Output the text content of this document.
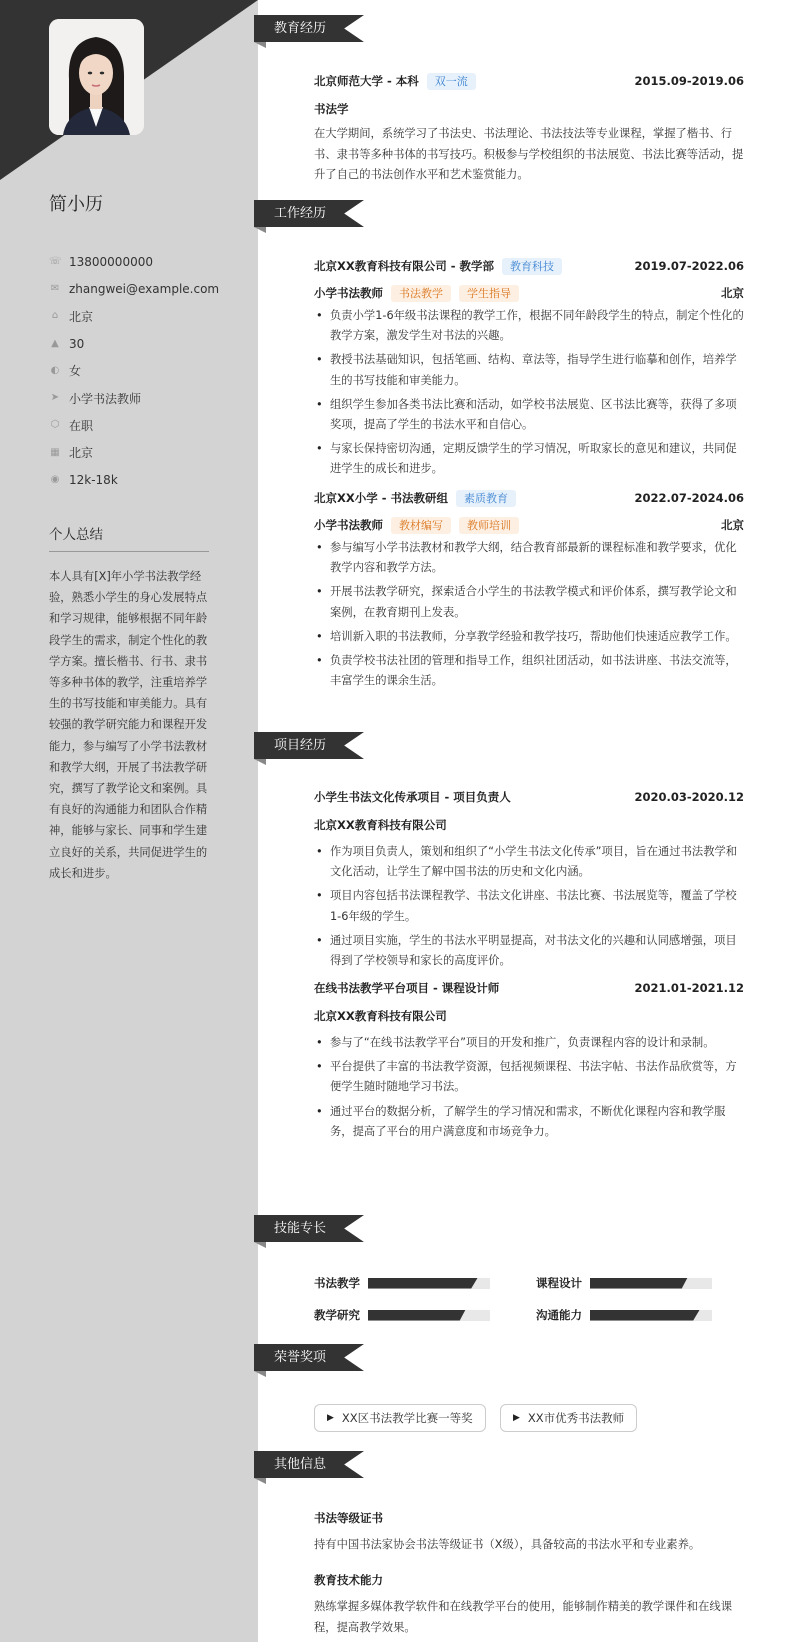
简小历
☏ 13800000000
✉ zhangwei@example.com
⌂ 北京
▲ 30
◐ 女
➤ 小学书法教师
⬡ 在职
▦ 北京
◉ 12k-18k
个人总结
本人具有[X]年小学书法教学经验，熟悉小学生的身心发展特点和学习规律，能够根据不同年龄段学生的需求，制定个性化的教学方案。擅长楷书、行书、隶书等多种书体的教学，注重培养学生的书写技能和审美能力。具有较强的教学研究能力和课程开发能力，参与编写了小学书法教材和教学大纲，开展了书法教学研究，撰写了教学论文和案例。具有良好的沟通能力和团队合作精神，能够与家长、同事和学生建立良好的关系，共同促进学生的成长和进步。
教育经历
北京师范大学 - 本科	双一流	2015.09-2019.06
书法学
在大学期间，系统学习了书法史、书法理论、书法技法等专业课程，掌握了楷书、行书、隶书等多种书体的书写技巧。积极参与学校组织的书法展览、书法比赛等活动，提升了自己的书法创作水平和艺术鉴赏能力。
工作经历
北京XX教育科技有限公司 - 教学部	教育科技	2019.07-2022.06
小学书法教师	书法教学	学生指导	北京
• 负责小学1-6年级书法课程的教学工作，根据不同年龄段学生的特点，制定个性化的教学方案，激发学生对书法的兴趣。
• 教授书法基础知识，包括笔画、结构、章法等，指导学生进行临摹和创作，培养学生的书写技能和审美能力。
• 组织学生参加各类书法比赛和活动，如学校书法展览、区书法比赛等，获得了多项奖项，提高了学生的书法水平和自信心。
• 与家长保持密切沟通，定期反馈学生的学习情况，听取家长的意见和建议，共同促进学生的成长和进步。
北京XX小学 - 书法教研组	素质教育	2022.07-2024.06
小学书法教师	教材编写	教师培训	北京
• 参与编写小学书法教材和教学大纲，结合教育部最新的课程标准和教学要求，优化教学内容和教学方法。
• 开展书法教学研究，探索适合小学生的书法教学模式和评价体系，撰写教学论文和案例，在教育期刊上发表。
• 培训新入职的书法教师，分享教学经验和教学技巧，帮助他们快速适应教学工作。
• 负责学校书法社团的管理和指导工作，组织社团活动，如书法讲座、书法交流等，丰富学生的课余生活。
项目经历
小学生书法文化传承项目 - 项目负责人	2020.03-2020.12
北京XX教育科技有限公司
• 作为项目负责人，策划和组织了“小学生书法文化传承”项目，旨在通过书法教学和文化活动，让学生了解中国书法的历史和文化内涵。
• 项目内容包括书法课程教学、书法文化讲座、书法比赛、书法展览等，覆盖了学校1-6年级的学生。
• 通过项目实施，学生的书法水平明显提高，对书法文化的兴趣和认同感增强，项目得到了学校领导和家长的高度评价。
在线书法教学平台项目 - 课程设计师	2021.01-2021.12
北京XX教育科技有限公司
• 参与了“在线书法教学平台”项目的开发和推广，负责课程内容的设计和录制。
• 平台提供了丰富的书法教学资源，包括视频课程、书法字帖、书法作品欣赏等，方便学生随时随地学习书法。
• 通过平台的数据分析，了解学生的学习情况和需求，不断优化课程内容和教学服务，提高了平台的用户满意度和市场竞争力。
技能专长
书法教学	课程设计
教学研究	沟通能力
荣誉奖项
▶ XX区书法教学比赛一等奖	▶ XX市优秀书法教师
其他信息
书法等级证书
持有中国书法家协会书法等级证书（X级），具备较高的书法水平和专业素养。
教育技术能力
熟练掌握多媒体教学软件和在线教学平台的使用，能够制作精美的教学课件和在线课程，提高教学效果。
